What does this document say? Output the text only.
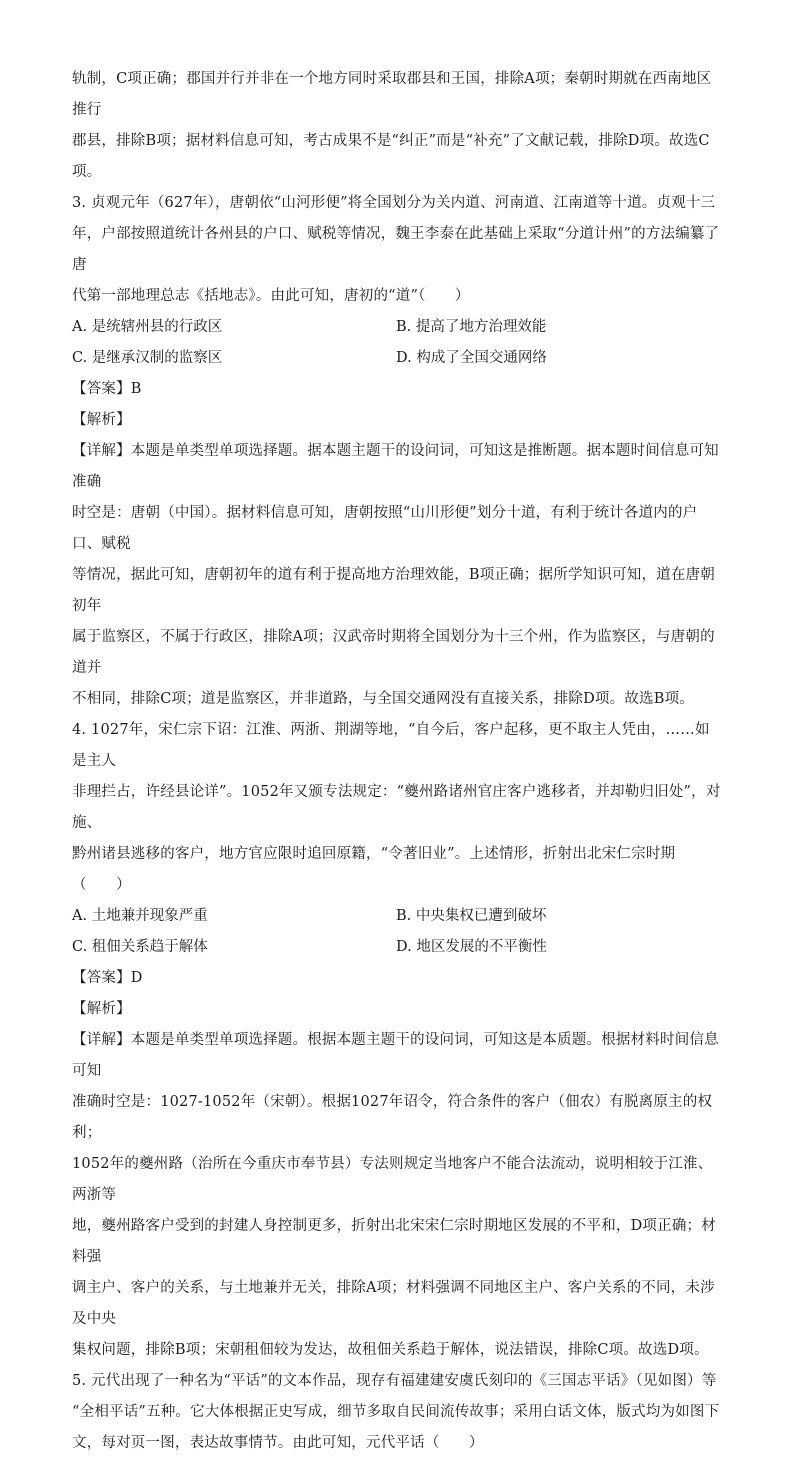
轨制，C项正确；郡国并行并非在一个地方同时采取郡县和王国，排除A项；秦朝时期就在西南地区推行

郡县，排除B项；据材料信息可知，考古成果不是“纠正”而是“补充”了文献记载，排除D项。故选C

项。

3. 贞观元年（627年），唐朝依“山河形便”将全国划分为关内道、河南道、江南道等十道。贞观十三

年，户部按照道统计各州县的户口、赋税等情况，魏王李泰在此基础上采取“分道计州”的方法编纂了唐

代第一部地理总志《括地志》。由此可知，唐初的“道”（　　）

A. 是统辖州县的行政区	B. 提高了地方治理效能
C. 是继承汉制的监察区	D. 构成了全国交通网络

【答案】B

【解析】

【详解】本题是单类型单项选择题。据本题主题干的设问词，可知这是推断题。据本题时间信息可知准确

时空是：唐朝（中国）。据材料信息可知，唐朝按照“山川形便”划分十道，有利于统计各道内的户口、赋税

等情况，据此可知，唐朝初年的道有利于提高地方治理效能，B项正确；据所学知识可知，道在唐朝初年

属于监察区，不属于行政区，排除A项；汉武帝时期将全国划分为十三个州，作为监察区，与唐朝的道并

不相同，排除C项；道是监察区，并非道路，与全国交通网没有直接关系，排除D项。故选B项。

4. 1027年，宋仁宗下诏：江淮、两浙、荆湖等地，“自今后，客户起移，更不取主人凭由，……如是主人

非理拦占，许经县论详”。1052年又颁专法规定：“夔州路诸州官庄客户逃移者，并却勒归旧处”，对施、

黔州诸县逃移的客户，地方官应限时追回原籍，“令著旧业”。上述情形，折射出北宋仁宗时期（　　）

A. 土地兼并现象严重	B. 中央集权已遭到破坏
C. 租佃关系趋于解体	D. 地区发展的不平衡性

【答案】D

【解析】

【详解】本题是单类型单项选择题。根据本题主题干的设问词，可知这是本质题。根据材料时间信息可知

准确时空是：1027-1052年（宋朝）。根据1027年诏令，符合条件的客户（佃农）有脱离原主的权利；

1052年的夔州路（治所在今重庆市奉节县）专法则规定当地客户不能合法流动，说明相较于江淮、两浙等

地，夔州路客户受到的封建人身控制更多，折射出北宋宋仁宗时期地区发展的不平和，D项正确；材料强

调主户、客户的关系，与土地兼并无关，排除A项；材料强调不同地区主户、客户关系的不同，未涉及中央

集权问题，排除B项；宋朝租佃较为发达，故租佃关系趋于解体，说法错误，排除C项。故选D项。

5. 元代出现了一种名为“平话”的文本作品，现存有福建建安虞氏刻印的《三国志平话》（见如图）等

“全相平话”五种。它大体根据正史写成，细节多取自民间流传故事；采用白话文体，版式均为如图下

文，每对页一图，表达故事情节。由此可知，元代平话（　　）
